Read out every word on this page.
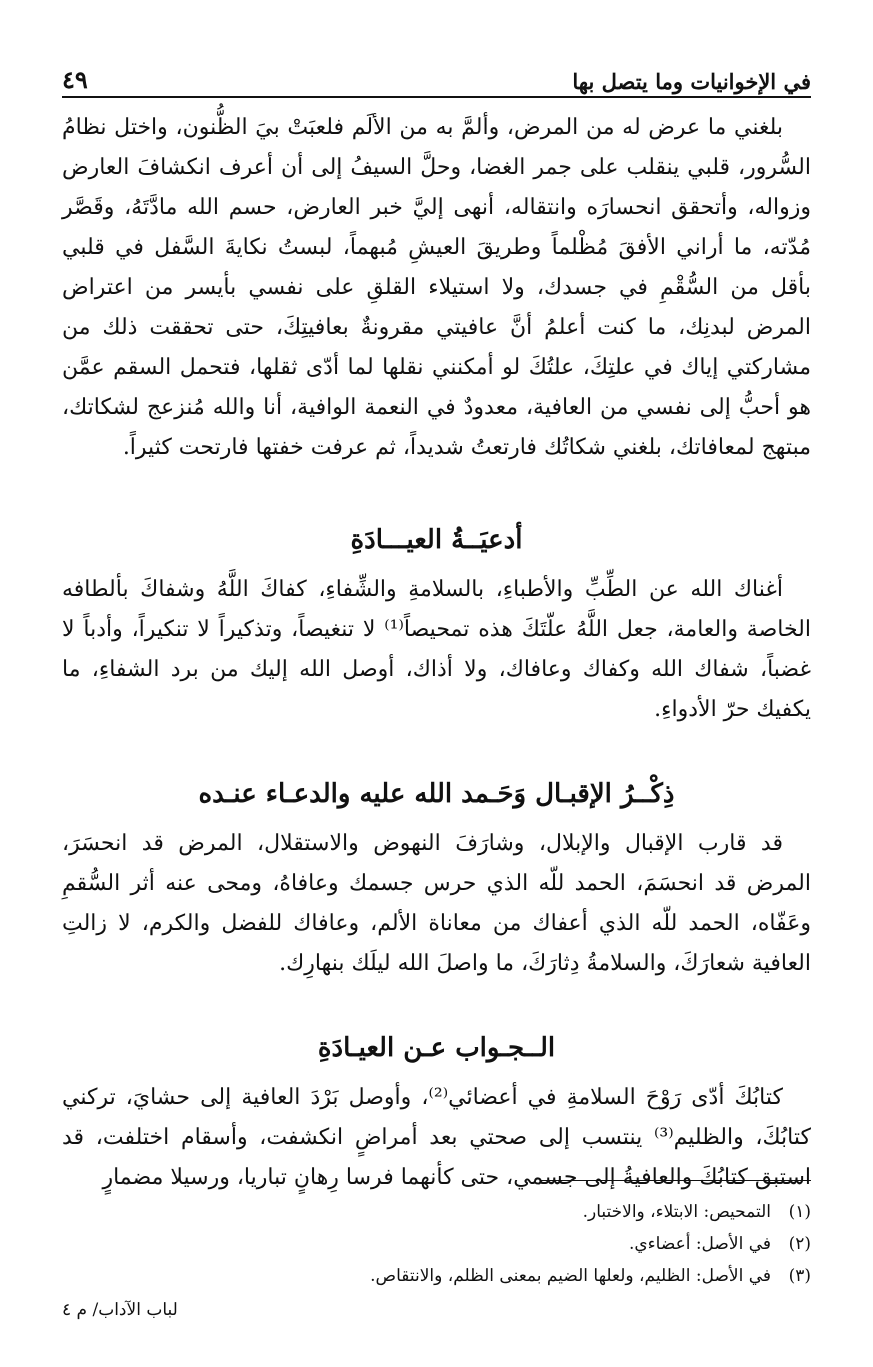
في الإخوانيات وما يتصل بها
٤٩

بلغني ما عرض له من المرض، وألمَّ به من الألَم فلعبَتْ بيَ الظُّنون، واختل نظامُ السُّرور، قلبي ينقلب على جمر الغضا، وحلَّ السيفُ إلى أن أعرف انكشافَ العارض وزواله، وأتحقق انحسارَه وانتقاله، أنهى إليَّ خبر العارض، حسم الله مادَّتَهُ، وقَصَّر مُدّته، ما أراني الأفقَ مُظْلماً وطريقَ العيشِ مُبهماً، لبستُ نكايةَ السَّفل في قلبي بأقل من السُّقْمِ في جسدك، ولا استيلاء القلقِ على نفسي بأيسر من اعتراض المرض لبدنِك، ما كنت أعلمُ أنَّ عافيتي مقرونةٌ بعافيتِكَ، حتى تحققت ذلك من مشاركتي إياك في علتِكَ، علتُكَ لو أمكنني نقلها لما أدّى ثقلها، فتحمل السقم عمَّن هو أحبُّ إلى نفسي من العافية، معدودٌ في النعمة الوافية، أنا والله مُنزعج لشكاتك، مبتهج لمعافاتك، بلغني شكاتُك فارتعتُ شديداً، ثم عرفت خفتها فارتحت كثيراً.

أدعيَــةُ العيـــادَةِ

أغناك الله عن الطِّبِّ والأطباءِ، بالسلامةِ والشِّفاءِ، كفاكَ اللَّهُ وشفاكَ بألطافه الخاصة والعامة، جعل اللَّهُ علّتَكَ هذه تمحيصاً⁽¹⁾ لا تنغيصاً، وتذكيراً لا تنكيراً، وأدباً لا غضباً، شفاك الله وكفاك وعافاك، ولا أذاك، أوصل الله إليك من برد الشفاءِ، ما يكفيك حرّ الأدواءِ.

ذِكْــرُ الإقبـال وَحَـمد الله عليه والدعـاء عنـده

قد قارب الإقبال والإبلال، وشارَفَ النهوض والاستقلال، المرض قد انحسَرَ، المرض قد انحسَمَ، الحمد للّه الذي حرس جسمك وعافاهُ، ومحى عنه أثر السُّقمِ وعَفّاه، الحمد للّه الذي أعفاك من معاناة الألم، وعافاك للفضل والكرم، لا زالتِ العافية شعارَكَ، والسلامةُ دِثارَكَ، ما واصلَ الله ليلَك بنهارِك.

الــجـواب عـن العيـادَةِ

كتابُكَ أدّى رَوْحَ السلامةِ في أعضائي⁽²⁾، وأوصل بَرْدَ العافية إلى حشايَ، تركني كتابُكَ، والظليم⁽³⁾ ينتسب إلى صحتي بعد أمراضٍ انكشفت، وأسقام اختلفت، قد استبق كتابُكَ والعافيةُ إلى جسمي، حتى كأنهما فرسا رِهانٍ تباريا، ورسيلا مضمارٍ

(١)
التمحيص: الابتلاء، والاختبار.
(٢)
في الأصل: أعضاءي.
(٣)
في الأصل: الظليم، ولعلها الضيم بمعنى الظلم، والانتقاص.
لباب الآداب/ م ٤
